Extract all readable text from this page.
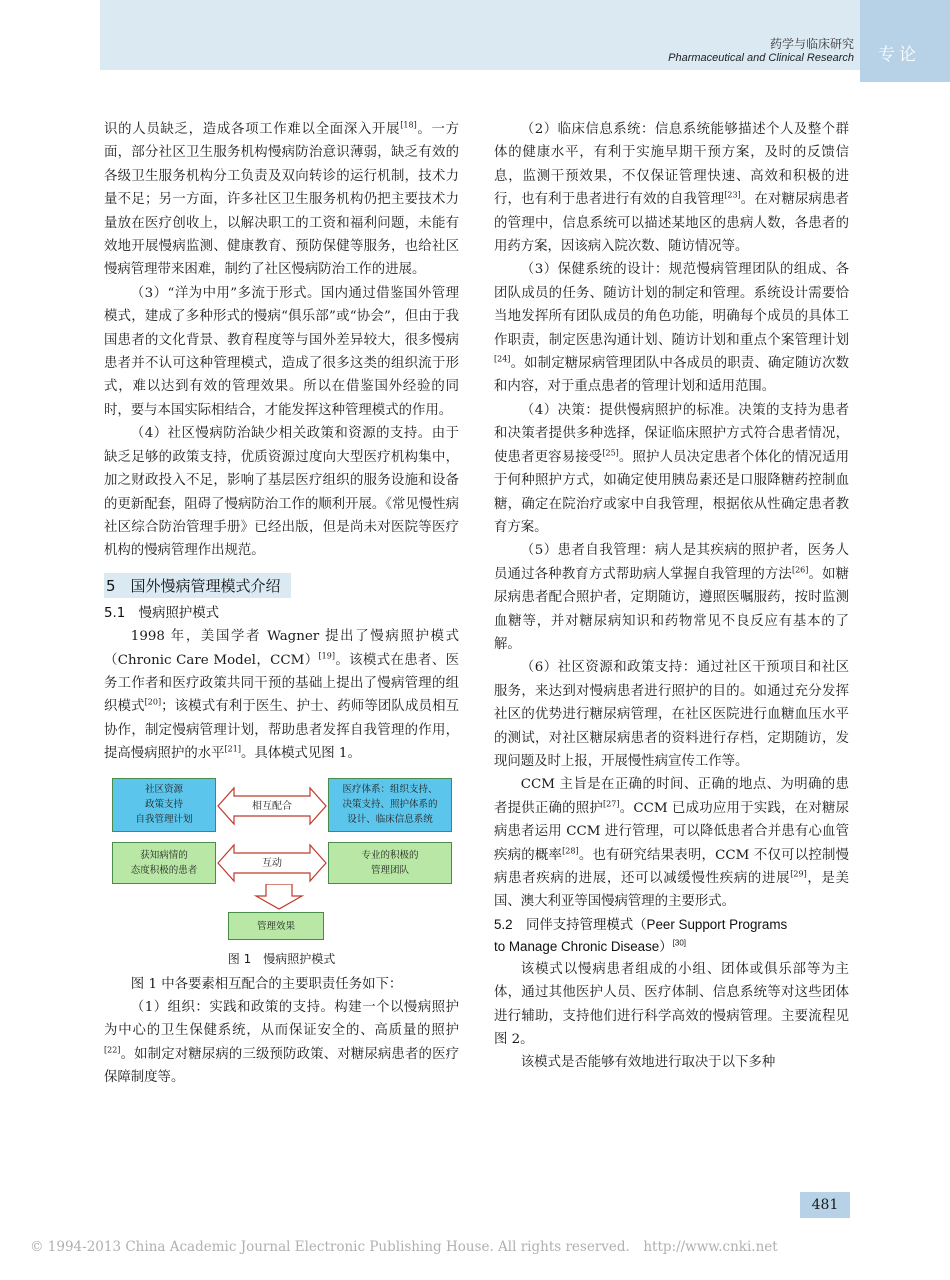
药学与临床研究
Pharmaceutical and Clinical Research 专论

识的人员缺乏，造成各项工作难以全面深入开展[18]。一方面，部分社区卫生服务机构慢病防治意识薄弱，缺乏有效的各级卫生服务机构分工负责及双向转诊的运行机制，技术力量不足；另一方面，许多社区卫生服务机构仍把主要技术力量放在医疗创收上，以解决职工的工资和福利问题，未能有效地开展慢病监测、健康教育、预防保健等服务，也给社区慢病管理带来困难，制约了社区慢病防治工作的进展。

（3）“洋为中用”多流于形式。国内通过借鉴国外管理模式，建成了多种形式的慢病“俱乐部”或“协会”，但由于我国患者的文化背景、教育程度等与国外差异较大，很多慢病患者并不认可这种管理模式，造成了很多这类的组织流于形式，难以达到有效的管理效果。所以在借鉴国外经验的同时，要与本国实际相结合，才能发挥这种管理模式的作用。

（4）社区慢病防治缺少相关政策和资源的支持。由于缺乏足够的政策支持，优质资源过度向大型医疗机构集中，加之财政投入不足，影响了基层医疗组织的服务设施和设备的更新配套，阻碍了慢病防治工作的顺利开展。《常见慢性病社区综合防治管理手册》已经出版，但是尚未对医院等医疗机构的慢病管理作出规范。

5　国外慢病管理模式介绍
5.1　慢病照护模式

1998 年，美国学者 Wagner 提出了慢病照护模式（Chronic Care Model，CCM）[19]。该模式在患者、医务工作者和医疗政策共同干预的基础上提出了慢病管理的组织模式[20]；该模式有利于医生、护士、药师等团队成员相互协作，制定慢病管理计划，帮助患者发挥自我管理的作用，提高慢病照护的水平[21]。具体模式见图 1。

社区资源
政策支持
自我管理计划
医疗体系：组织支持、
决策支持、照护体系的
设计、临床信息系统
相互配合
获知病情的
态度积极的患者
专业的积极的
管理团队
互动
管理效果
图 1　慢病照护模式

图 1 中各要素相互配合的主要职责任务如下：

（1）组织：实践和政策的支持。构建一个以慢病照护为中心的卫生保健系统，从而保证安全的、高质量的照护[22]。如制定对糖尿病的三级预防政策、对糖尿病患者的医疗保障制度等。

（2）临床信息系统：信息系统能够描述个人及整个群体的健康水平，有利于实施早期干预方案，及时的反馈信息，监测干预效果，不仅保证管理快速、高效和积极的进行，也有利于患者进行有效的自我管理[23]。在对糖尿病患者的管理中，信息系统可以描述某地区的患病人数，各患者的用药方案，因该病入院次数、随访情况等。

（3）保健系统的设计：规范慢病管理团队的组成、各团队成员的任务、随访计划的制定和管理。系统设计需要恰当地发挥所有团队成员的角色功能，明确每个成员的具体工作职责，制定医患沟通计划、随访计划和重点个案管理计划[24]。如制定糖尿病管理团队中各成员的职责、确定随访次数和内容，对于重点患者的管理计划和适用范围。

（4）决策：提供慢病照护的标准。决策的支持为患者和决策者提供多种选择，保证临床照护方式符合患者情况，使患者更容易接受[25]。照护人员决定患者个体化的情况适用于何种照护方式，如确定使用胰岛素还是口服降糖药控制血糖，确定在院治疗或家中自我管理，根据依从性确定患者教育方案。

（5）患者自我管理：病人是其疾病的照护者，医务人员通过各种教育方式帮助病人掌握自我管理的方法[26]。如糖尿病患者配合照护者，定期随访，遵照医嘱服药，按时监测血糖等，并对糖尿病知识和药物常见不良反应有基本的了解。

（6）社区资源和政策支持：通过社区干预项目和社区服务，来达到对慢病患者进行照护的目的。如通过充分发挥社区的优势进行糖尿病管理，在社区医院进行血糖血压水平的测试，对社区糖尿病患者的资料进行存档，定期随访，发现问题及时上报，开展慢性病宣传工作等。

CCM 主旨是在正确的时间、正确的地点、为明确的患者提供正确的照护[27]。CCM 已成功应用于实践，在对糖尿病患者运用 CCM 进行管理，可以降低患者合并患有心血管疾病的概率[28]。也有研究结果表明，CCM 不仅可以控制慢病患者疾病的进展，还可以减缓慢性疾病的进展[29]，是美国、澳大利亚等国慢病管理的主要形式。

5.2　同伴支持管理模式（Peer Support Programs

to Manage Chronic Disease）[30]

该模式以慢病患者组成的小组、团体或俱乐部等为主体，通过其他医护人员、医疗体制、信息系统等对这些团体进行辅助，支持他们进行科学高效的慢病管理。主要流程见图 2。

该模式是否能够有效地进行取决于以下多种

481
© 1994-2013 China Academic Journal Electronic Publishing House. All rights reserved.　http://www.cnki.net
